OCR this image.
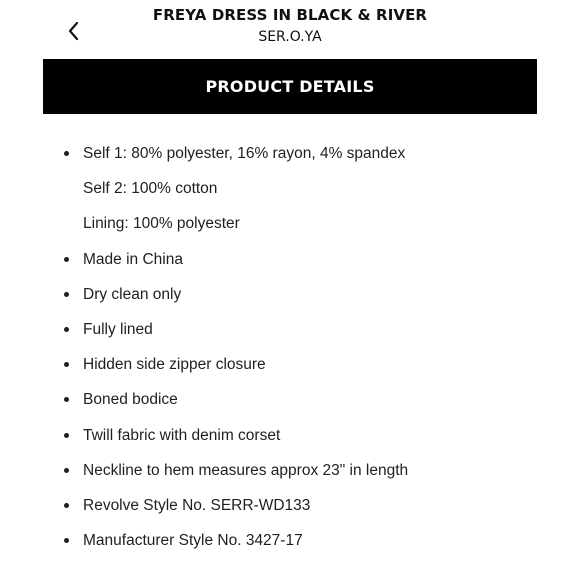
FREYA DRESS IN BLACK & RIVER
SER.O.YA
PRODUCT DETAILS
Self 1: 80% polyester, 16% rayon, 4% spandex
Self 2: 100% cotton
Lining: 100% polyester
Made in China
Dry clean only
Fully lined
Hidden side zipper closure
Boned bodice
Twill fabric with denim corset
Neckline to hem measures approx 23" in length
Revolve Style No. SERR-WD133
Manufacturer Style No. 3427-17
